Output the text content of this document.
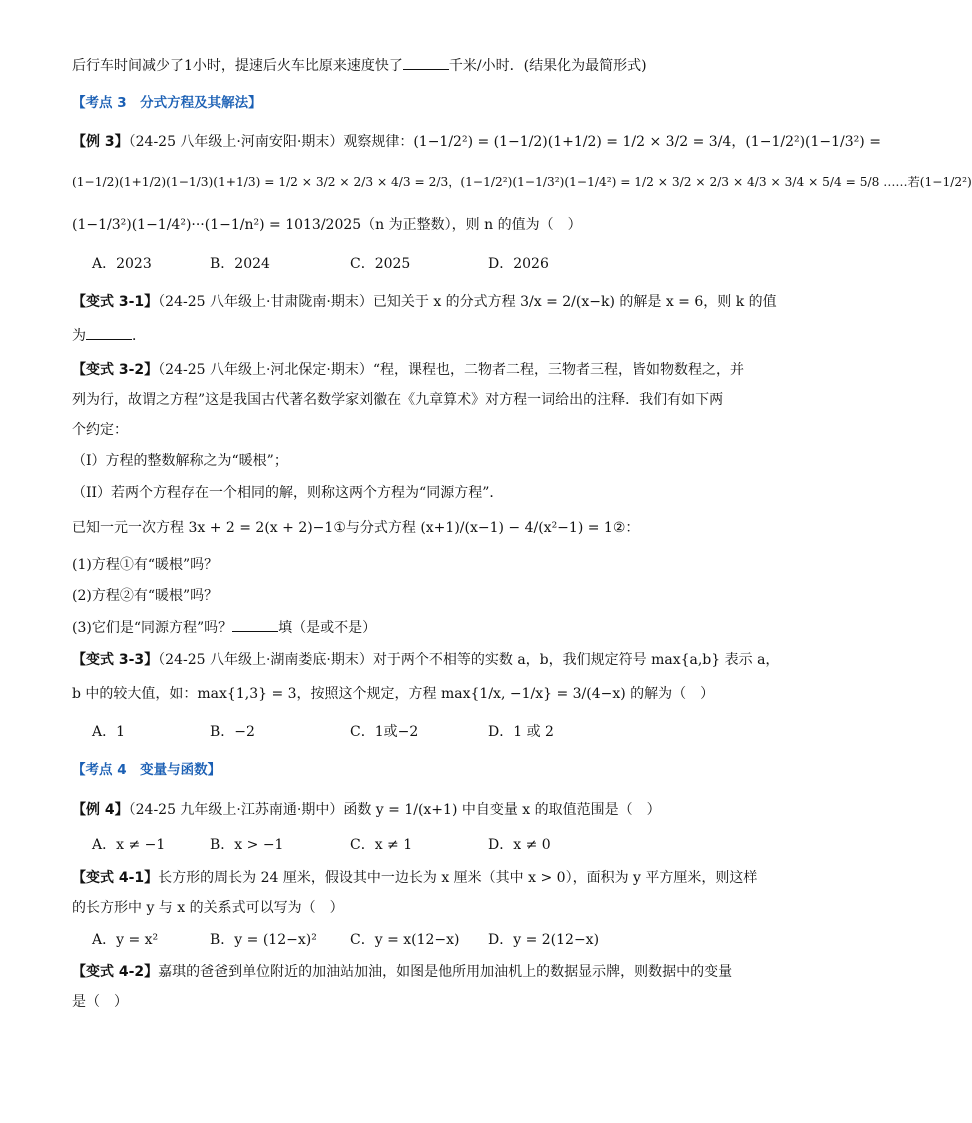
后行车时间减少了1小时，提速后火车比原来速度快了	千米/小时．(结果化为最简形式)
【考点 3　分式方程及其解法】
【例 3】（24-25 八年级上·河南安阳·期末）观察规律：(1−1/2²) = (1−1/2)(1+1/2) = 1/2 × 3/2 = 3/4，(1−1/2²)(1−1/3²) =
(1−1/2)(1+1/2)(1−1/3)(1+1/3) = 1/2 × 3/2 × 2/3 × 4/3 = 2/3，(1−1/2²)(1−1/3²)(1−1/4²) = 1/2 × 3/2 × 2/3 × 4/3 × 3/4 × 5/4 = 5/8 ……若(1−1/2²)
(1−1/3²)(1−1/4²)···(1−1/n²) = 1013/2025（n 为正整数），则 n 的值为（　）
A．2023	B．2024	C．2025	D．2026
【变式 3-1】（24-25 八年级上·甘肃陇南·期末）已知关于 x 的分式方程 3/x = 2/(x−k) 的解是 x = 6，则 k 的值
为	．
【变式 3-2】（24-25 八年级上·河北保定·期末）“程，课程也，二物者二程，三物者三程，皆如物数程之，并
列为行，故谓之方程”这是我国古代著名数学家刘徽在《九章算术》对方程一词给出的注释．我们有如下两
个约定：
（I）方程的整数解称之为“暖根”；
（II）若两个方程存在一个相同的解，则称这两个方程为“同源方程”．
已知一元一次方程 3x + 2 = 2(x + 2)−1①与分式方程 (x+1)/(x−1) − 4/(x²−1) = 1②：
(1)方程①有“暖根”吗？
(2)方程②有“暖根”吗？
(3)它们是“同源方程”吗？	填（是或不是）
【变式 3-3】（24-25 八年级上·湖南娄底·期末）对于两个不相等的实数 a，b，我们规定符号 max{a,b} 表示 a，
b 中的较大值，如：max{1,3} = 3，按照这个规定，方程 max{1/x, −1/x} = 3/(4−x) 的解为（　）
A．1	B．−2	C．1或−2	D．1 或 2
【考点 4　变量与函数】
【例 4】（24-25 九年级上·江苏南通·期中）函数 y = 1/(x+1) 中自变量 x 的取值范围是（　）
A．x ≠ −1	B．x > −1	C．x ≠ 1	D．x ≠ 0
【变式 4-1】长方形的周长为 24 厘米，假设其中一边长为 x 厘米（其中 x > 0），面积为 y 平方厘米，则这样
的长方形中 y 与 x 的关系式可以写为（　）
A．y = x²	B．y = (12−x)² C．y = x(12−x) D．y = 2(12−x)
【变式 4-2】嘉琪的爸爸到单位附近的加油站加油，如图是他所用加油机上的数据显示牌，则数据中的变量
是（　）
